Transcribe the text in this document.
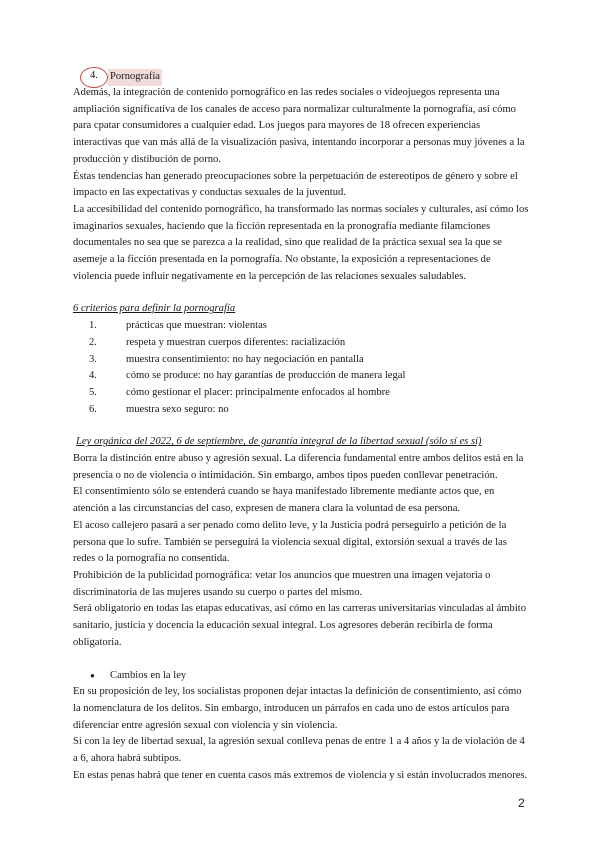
4. Pornografía

Además, la integración de contenido pornográfico en las redes sociales o videojuegos representa una ampliación significativa de los canales de acceso para normalizar culturalmente la pornografía, así cómo para cpatar consumidores a cualquier edad. Los juegos para mayores de 18 ofrecen experiencias interactivas que van más allá de la visualización pasiva, intentando incorporar a personas muy jóvenes a la producción y distibución de porno.

Éstas tendencias han generado preocupaciones sobre la perpetuación de estereotipos de género y sobre el impacto en las expectativas y conductas sexuales de la juventud.

La accesibilidad del contenido pornográfico, ha transformado las normas sociales y culturales, así cómo los imaginarios sexuales, haciendo que la ficción representada en la pronografía mediante filamciones documentales no sea que se parezca a la realidad, sino que realidad de la práctica sexual sea la que se asemeje a la ficción presentada en la pornografía. No obstante, la exposición a representaciones de violencia puede influir negativamente en la percepción de las relaciones sexuales saludables.

6 criterios para definir la pornografía

1.	prácticas que muestran: violentas
2.	respeta y muestran cuerpos diferentes: racialización
3.	muestra consentimiento: no hay negociación en pantalla
4.	cómo se produce: no hay garantías de producción de manera legal
5.	cómo gestionar el placer: principalmente enfocados al hombre
6.	muestra sexo seguro: no

Ley orgánica del 2022, 6 de septiembre, de garantía integral de la libertad sexual (sólo sí es sí)

Borra la distinción entre abuso y agresión sexual. La diferencia fundamental entre ambos delitos está en la presencia o no de violencia o intimidación. Sin embargo, ambos tipos pueden conllevar penetración.

El consentimiento sólo se entenderá cuando se haya manifestado libremente mediante actos que, en atención a las circunstancias del caso, expresen de manera clara la voluntad de esa persona.

El acoso callejero pasará a ser penado como delito leve, y la Justicia podrá perseguirlo a petición de la persona que lo sufre. También se perseguirá la violencia sexual digital, extorsión sexual a través de las redes o la pornografía no consentida.

Prohibición de la publicidad pornográfica: vetar los anuncios que muestren una imagen vejatoria o discriminatoria de las mujeres usando su cuerpo o partes del mismo.

Será obligatorio en todas las etapas educativas, así cómo en las carreras universitarias vinculadas al ámbito sanitario, justicia y docencia la educación sexual integral. Los agresores deberán recibirla de forma obligatoria.

● Cambios en la ley

En su proposición de ley, los socialistas proponen dejar intactas la definición de consentimiento, así cómo la nomenclatura de los delitos. Sin embargo, introducen un párrafos en cada uno de estos artículos para diferenciar entre agresión sexual con violencia y sin violencia.

Si con la ley de libertad sexual, la agresión sexual conlleva penas de entre 1 a 4 años y la de violación de 4 a 6, ahora habrá subtipos.

En estas penas habrá que tener en cuenta casos más extremos de violencia y si están involucrados menores.

2
